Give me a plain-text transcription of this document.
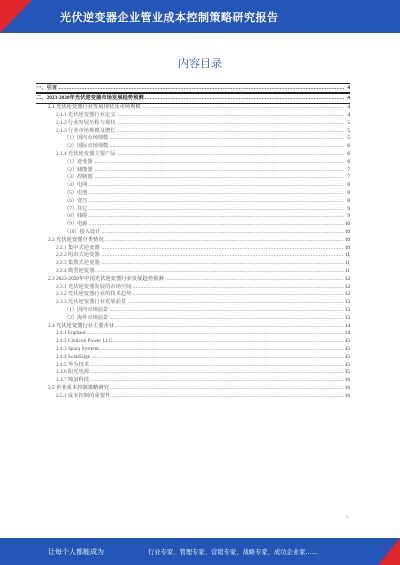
光伏逆变器企业管业成本控制策略研究报告
内容目录
.....
一、引言	4
.....
二、2023-2028年光伏逆变器市场发展趋势预测	4
.....
2.1 光伏逆变器行业发展现状及市场规模	4
.....
2.1.1 光伏逆变器行业定义	4
.....
2.1.2 行业发展历程与现状	5
.....
2.1.3 行业市场规模及增长	5
.....
（1）国内市场规模	5
.....
（2）国际市场规模	6
.....
2.1.4 光伏逆变器主要产品	6
.....
（1）逆变器	6
.....
（2）储能器	7
.....
（3）控制器	7
.....
（4）电网	8
.....
（5）电池	8
.....
（6）变压	8
.....
（7）其它	9
.....
（8）线缆	9
.....
（9）电源	10
.....
（10）接入设计	10
.....
2.2 光伏逆变器分类情况	10
.....
2.2.1 集中式逆变器	10
.....
2.2.2 组串式逆变器	11
.....
2.2.3 集散式逆变器	11
.....
2.2.4 微型逆变器	11
.....
2.3 2023-2028年中国光伏逆变器行业发展趋势预测	12
.....
2.3.1 光伏逆变器发展的市场空间	12
.....
2.3.2 光伏逆变器行业的技术趋势	12
.....
2.3.3 光伏逆变器行业发展前景	13
.....
（1）国内市场前景	13
.....
（2）海外市场前景	13
.....
2.4 光伏逆变器行业主要企业	14
.....
2.4.1 Enphase	14
.....
2.4.2 Chilicon Power LLC	15
.....
2.4.3 Sparq Systems	15
.....
2.4.4 SolarEdge	15
.....
2.4.5 华为技术	15
.....
2.4.6 阳光电源	15
.....
2.4.7 锦浪科技	16
.....
2.5 企业成本控制策略研究	16
.....
2.5.1 成本控制的重要性	16
1
让每个人都能成为	行业专家、管理专家、营销专家、战略专家、成功企业家……
